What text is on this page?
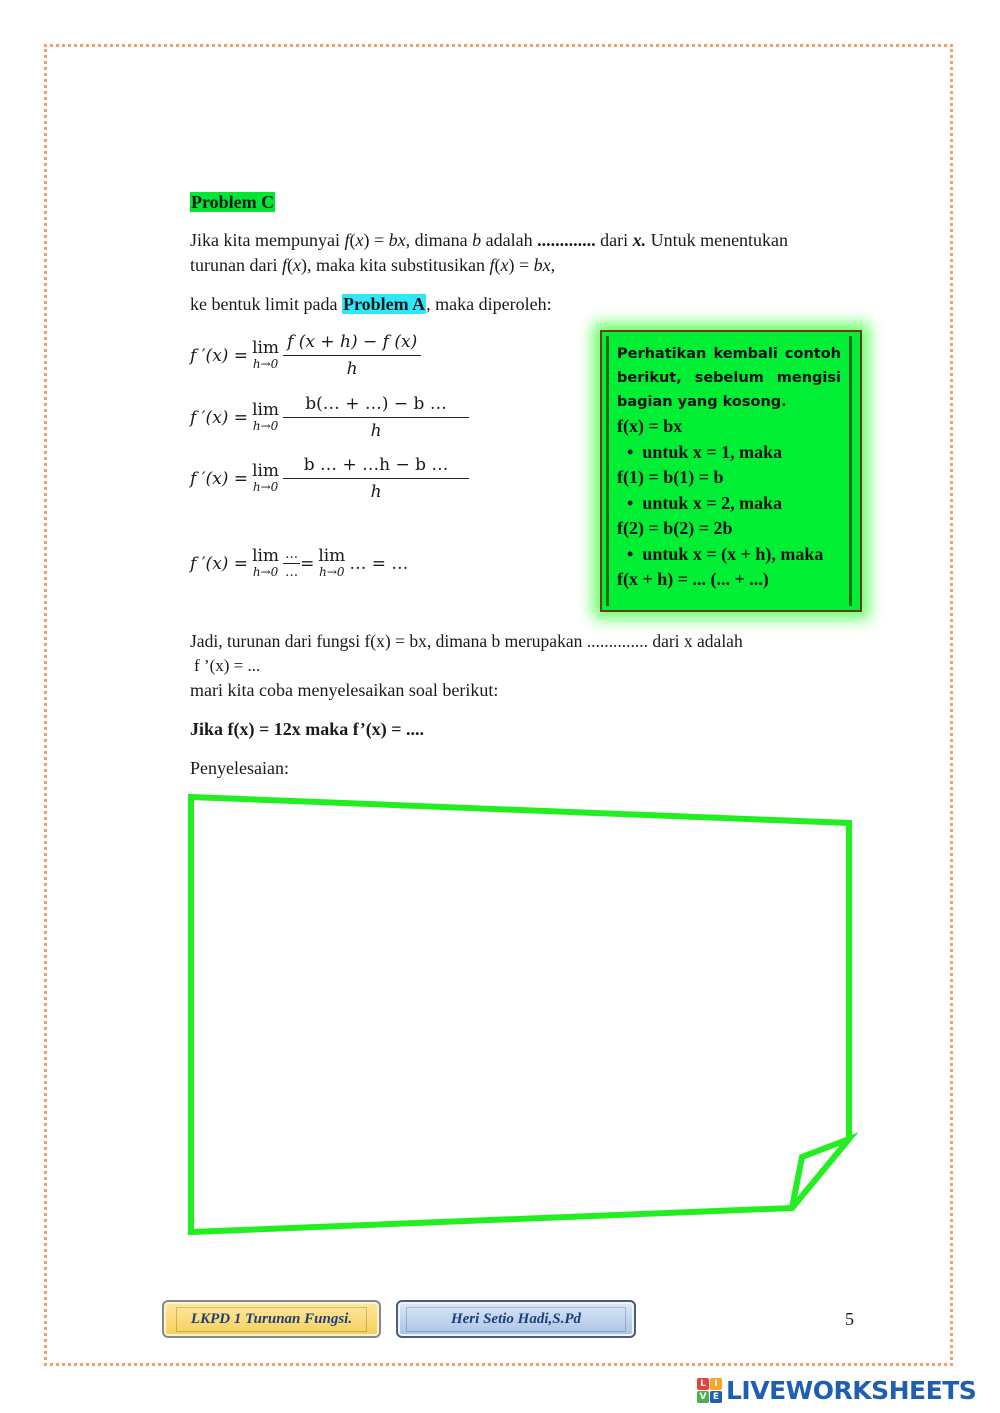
Problem C
Jika kita mempunyai f(x) = bx, dimana b adalah ............. dari x. Untuk menentukan
turunan dari f(x), maka kita substitusikan f(x) = bx,
ke bentuk limit pada Problem A, maka diperoleh:
f ′(x) = lim
$h\to 0 \frac{f (x + h) - f (x)}{h}$
f ′(x) = lim
$h\to 0 \frac{b(\dots + \dots) - b \dots}{h}$
f ′(x) = lim
$h\to 0 \frac{b \dots + \dots h - b \dots}{h}$
f ′(x) = lim
$h\to 0 \frac{\dots}{\dots} = \lim$
h→0 … = …
Perhatikan kembali contoh
berikut, sebelum mengisi
bagian yang kosong.
f(x) = bx
• untuk x = 1, maka
f(1) = b(1) = b
• untuk x = 2, maka
f(2) = b(2) = 2b
• untuk x = (x + h), maka
f(x + h) = ... (... + ...)
Jadi, turunan dari fungsi f(x) = bx, dimana b merupakan .............. dari x adalah
f ’(x) = ...
mari kita coba menyelesaikan soal berikut:
Jika f(x) = 12x maka f’(x) = ....
Penyelesaian:
LKPD 1 Turunan Fungsi.	Heri Setio Hadi,S.Pd	5
L I
V E LIVEWORKSHEETS
